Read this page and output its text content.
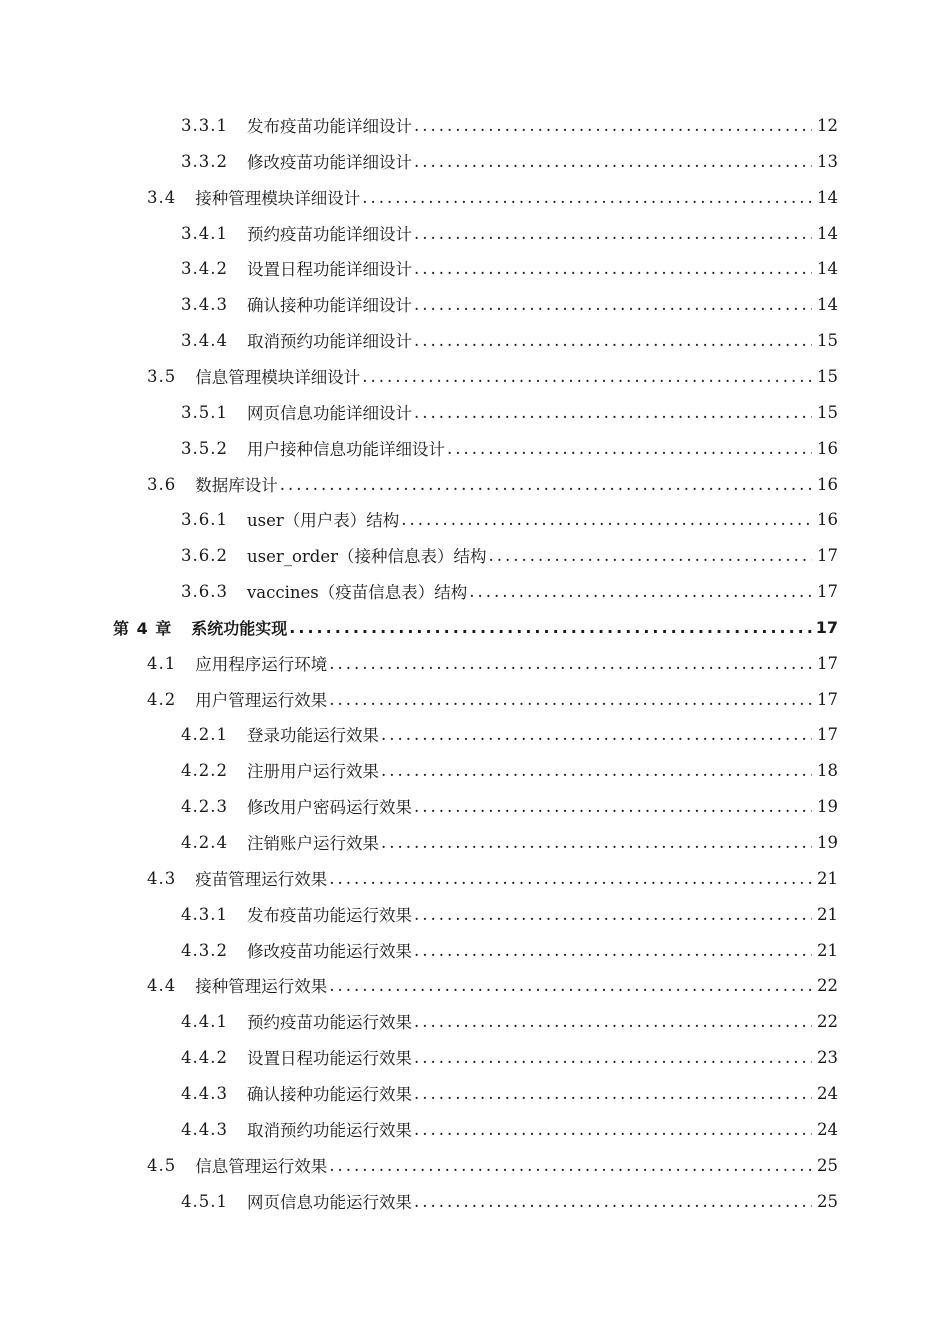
3.3.1 发布疫苗功能详细设计 .....	12
3.3.2 修改疫苗功能详细设计 .....	13
3.4 接种管理模块详细设计 .....	14
3.4.1 预约疫苗功能详细设计 .....	14
3.4.2 设置日程功能详细设计 .....	14
3.4.3 确认接种功能详细设计 .....	14
3.4.4 取消预约功能详细设计 .....	15
3.5 信息管理模块详细设计 .....	15
3.5.1 网页信息功能详细设计 .....	15
3.5.2 用户接种信息功能详细设计 .....	16
3.6 数据库设计 .....	16
3.6.1 user（用户表）结构 .....	16
3.6.2 user_order（接种信息表）结构 .....	17
3.6.3 vaccines（疫苗信息表）结构 .....	17
第 4 章 系统功能实现 .....	17
4.1 应用程序运行环境 .....	17
4.2 用户管理运行效果 .....	17
4.2.1 登录功能运行效果 .....	17
4.2.2 注册用户运行效果 .....	18
4.2.3 修改用户密码运行效果 .....	19
4.2.4 注销账户运行效果 .....	19
4.3 疫苗管理运行效果 .....	21
4.3.1 发布疫苗功能运行效果 .....	21
4.3.2 修改疫苗功能运行效果 .....	21
4.4 接种管理运行效果 .....	22
4.4.1 预约疫苗功能运行效果 .....	22
4.4.2 设置日程功能运行效果 .....	23
4.4.3 确认接种功能运行效果 .....	24
4.4.3 取消预约功能运行效果 .....	24
4.5 信息管理运行效果 .....	25
4.5.1 网页信息功能运行效果 .....	25
